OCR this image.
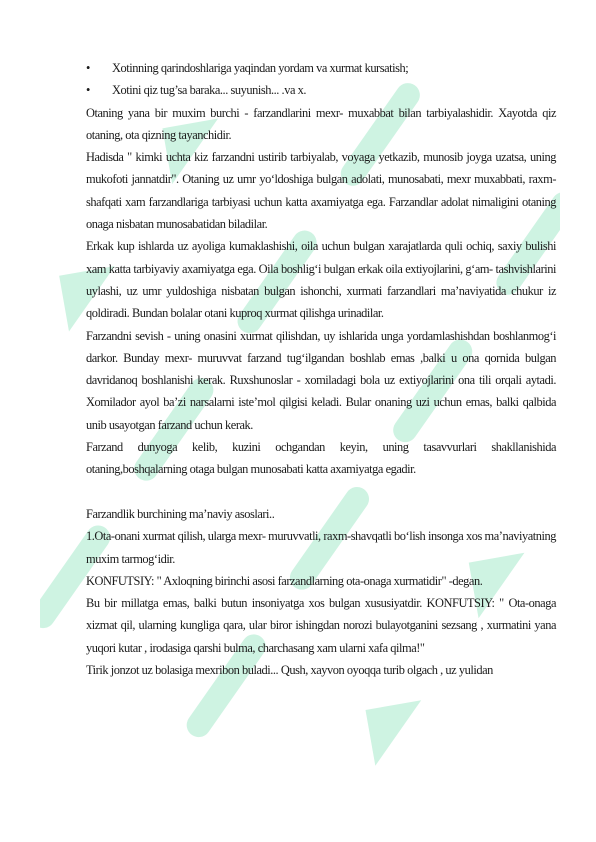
•	Xotinning qarindoshlariga yaqindan yordam va xurmat kursatish;
•	Xotini qiz tug’sa baraka... suyunish... .va x.

Otaning yana bir muxim burchi - farzandlarini mexr- muxabbat bilan tarbiyalashidir. Xayotda qiz otaning, ota qizning tayanchidir.

Hadisda " kimki uchta kiz farzandni ustirib tarbiyalab, voyaga yetkazib, munosib joyga uzatsa, uning mukofoti jannatdir". Otaning uz umr yo‘ldoshiga bulgan adolati, munosabati, mexr muxabbati, raxm-shafqati xam farzandlariga tarbiyasi uchun katta axamiyatga ega. Farzandlar adolat nimaligini otaning onaga nisbatan munosabatidan biladilar.

Erkak kup ishlarda uz ayoliga kumaklashishi, oila uchun bulgan xarajatlarda quli ochiq, saxiy bulishi xam katta tarbiyaviy axamiyatga ega. Oila boshlig‘i bulgan erkak oila extiyojlarini, g‘am- tashvishlarini uylashi, uz umr yuldoshiga nisbatan bulgan ishonchi, xurmati farzandlari ma’naviyatida chukur iz qoldiradi. Bundan bolalar otani kuproq xurmat qilishga urinadilar.

Farzandni sevish - uning onasini xurmat qilishdan, uy ishlarida unga yordamlashishdan boshlanmog‘i darkor. Bunday mexr- muruvvat farzand tug‘ilgandan boshlab emas ,balki u ona qornida bulgan davridanoq boshlanishi kerak. Ruxshunoslar - xomiladagi bola uz extiyojlarini ona tili orqali aytadi. Xomilador ayol ba’zi narsalarni iste’mol qilgisi keladi. Bular onaning uzi uchun emas, balki qalbida unib usayotgan farzand uchun kerak.

Farzand dunyoga kelib, kuzini ochgandan keyin, uning tasavvurlari shakllanishida otaning,boshqalarning otaga bulgan munosabati katta axamiyatga egadir.

Farzandlik burchining ma’naviy asoslari..

1.Ota-onani xurmat qilish, ularga mexr- muruvvatli, raxm-shavqatli bo‘lish insonga xos ma’naviyatning muxim tarmog‘idir.

KONFUTSIY: " Axloqning birinchi asosi farzandlarning ota-onaga xurmatidir" -degan.

Bu bir millatga emas, balki butun insoniyatga xos bulgan xususiyatdir. KONFUTSIY: " Ota-onaga xizmat qil, ularning kungliga qara, ular biror ishingdan norozi bulayotganini sezsang , xurmatini yana yuqori kutar , irodasiga qarshi bulma, charchasang xam ularni xafa qilma!"

Tirik jonzot uz bolasiga mexribon buladi... Qush, xayvon oyoqqa turib olgach , uz yulidan
